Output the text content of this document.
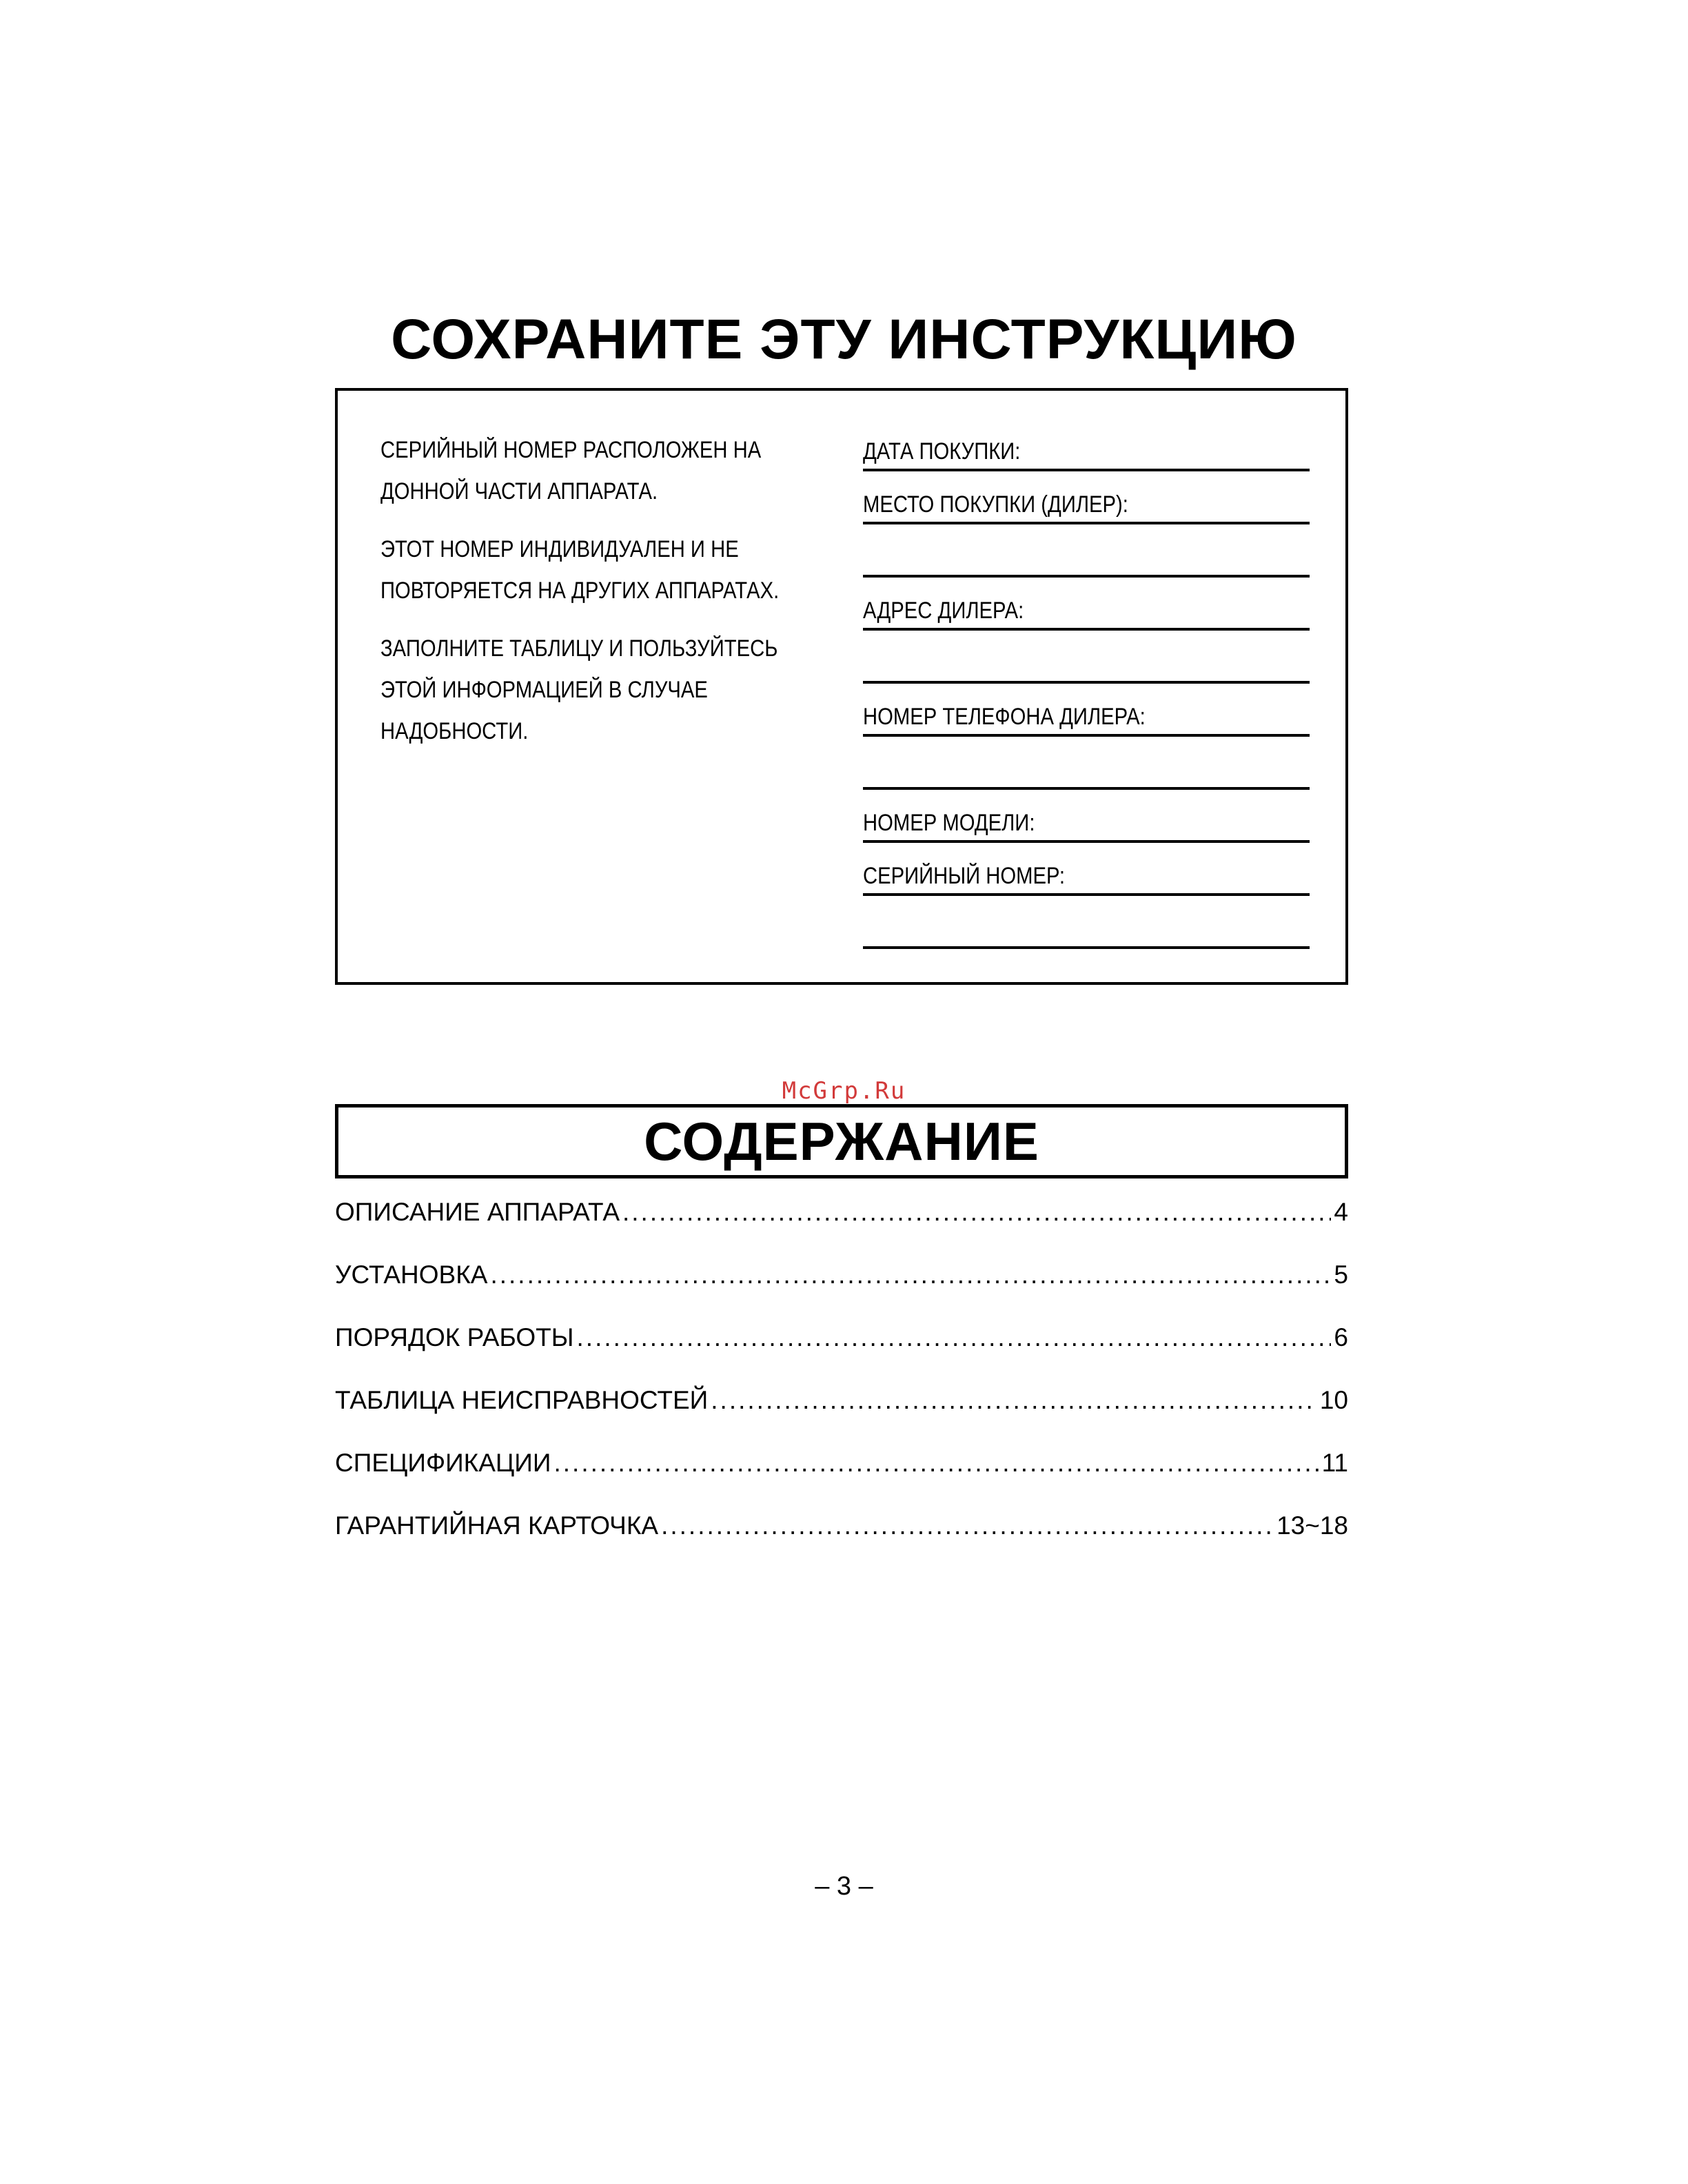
СОХРАНИТЕ ЭТУ ИНСТРУКЦИЮ

СЕРИЙНЫЙ НОМЕР РАСПОЛОЖЕН НА
ДОННОЙ ЧАСТИ АППАРАТА.

ЭТОТ НОМЕР ИНДИВИДУАЛЕН И НЕ
ПОВТОРЯЕТСЯ НА ДРУГИХ АППАРАТАХ.

ЗАПОЛНИТЕ ТАБЛИЦУ И ПОЛЬЗУЙТЕСЬ
ЭТОЙ ИНФОРМАЦИЕЙ В СЛУЧАЕ
НАДОБНОСТИ.

ДАТА ПОКУПКИ:
МЕСТО ПОКУПКИ (ДИЛЕР):
АДРЕС ДИЛЕРА:
НОМЕР ТЕЛЕФОНА ДИЛЕРА:
НОМЕР МОДЕЛИ:
СЕРИЙНЫЙ НОМЕР:
McGrp.Ru
СОДЕРЖАНИЕ
ОПИСАНИЕ АППАРАТА .....	4
УСТАНОВКА .....	5
ПОРЯДОК РАБОТЫ .....	6
ТАБЛИЦА НЕИСПРАВНОСТЕЙ .....	10
СПЕЦИФИКАЦИИ .....	11
ГАРАНТИЙНАЯ КАРТОЧКА .....	13~18
– 3 –
